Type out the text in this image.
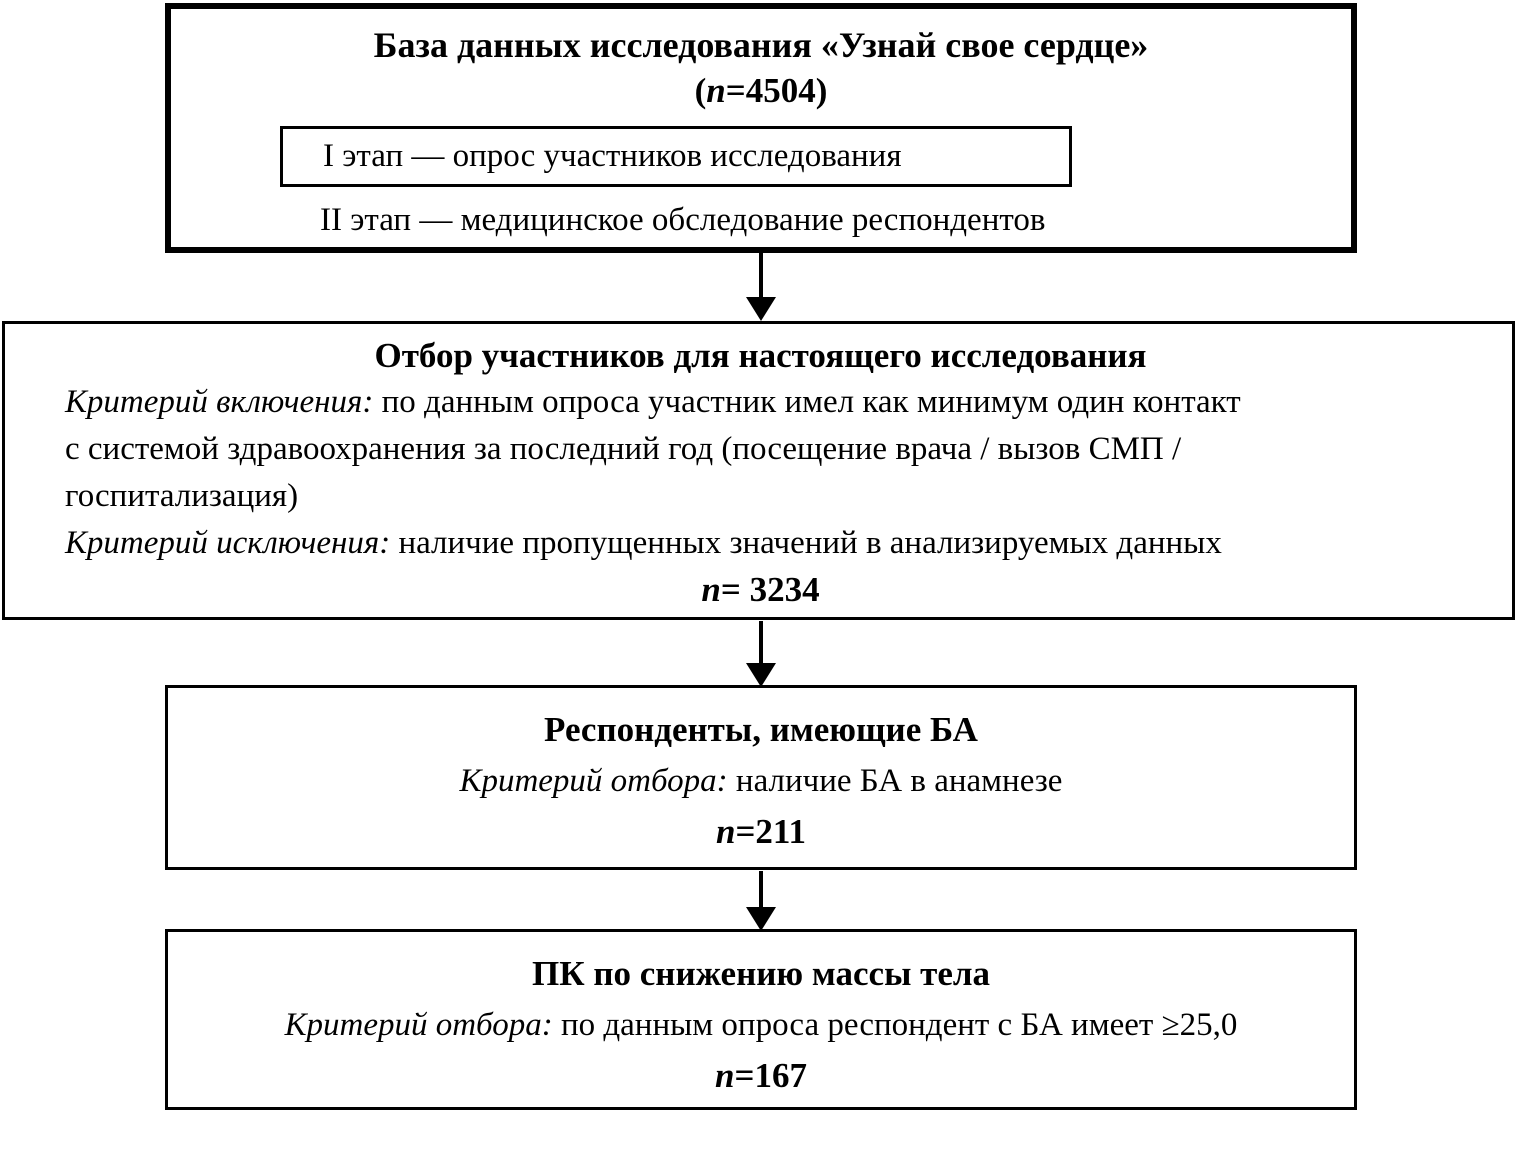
База данных исследования «Узнай свое сердце»
(n=4504)
I этап — опрос участников исследования
II этап — медицинское обследование респондентов
Отбор участников для настоящего исследования

Критерий включения: по данным опроса участник имел как минимум один контакт
с системой здравоохранения за последний год (посещение врача / вызов СМП /
госпитализация)

Критерий исключения: наличие пропущенных значений в анализируемых данных

n= 3234
Респонденты, имеющие БА

Критерий отбора: наличие БА в анамнезе

n=211
ПК по снижению массы тела

Критерий отбора: по данным опроса респондент с БА имеет ≥25,0

n=167
